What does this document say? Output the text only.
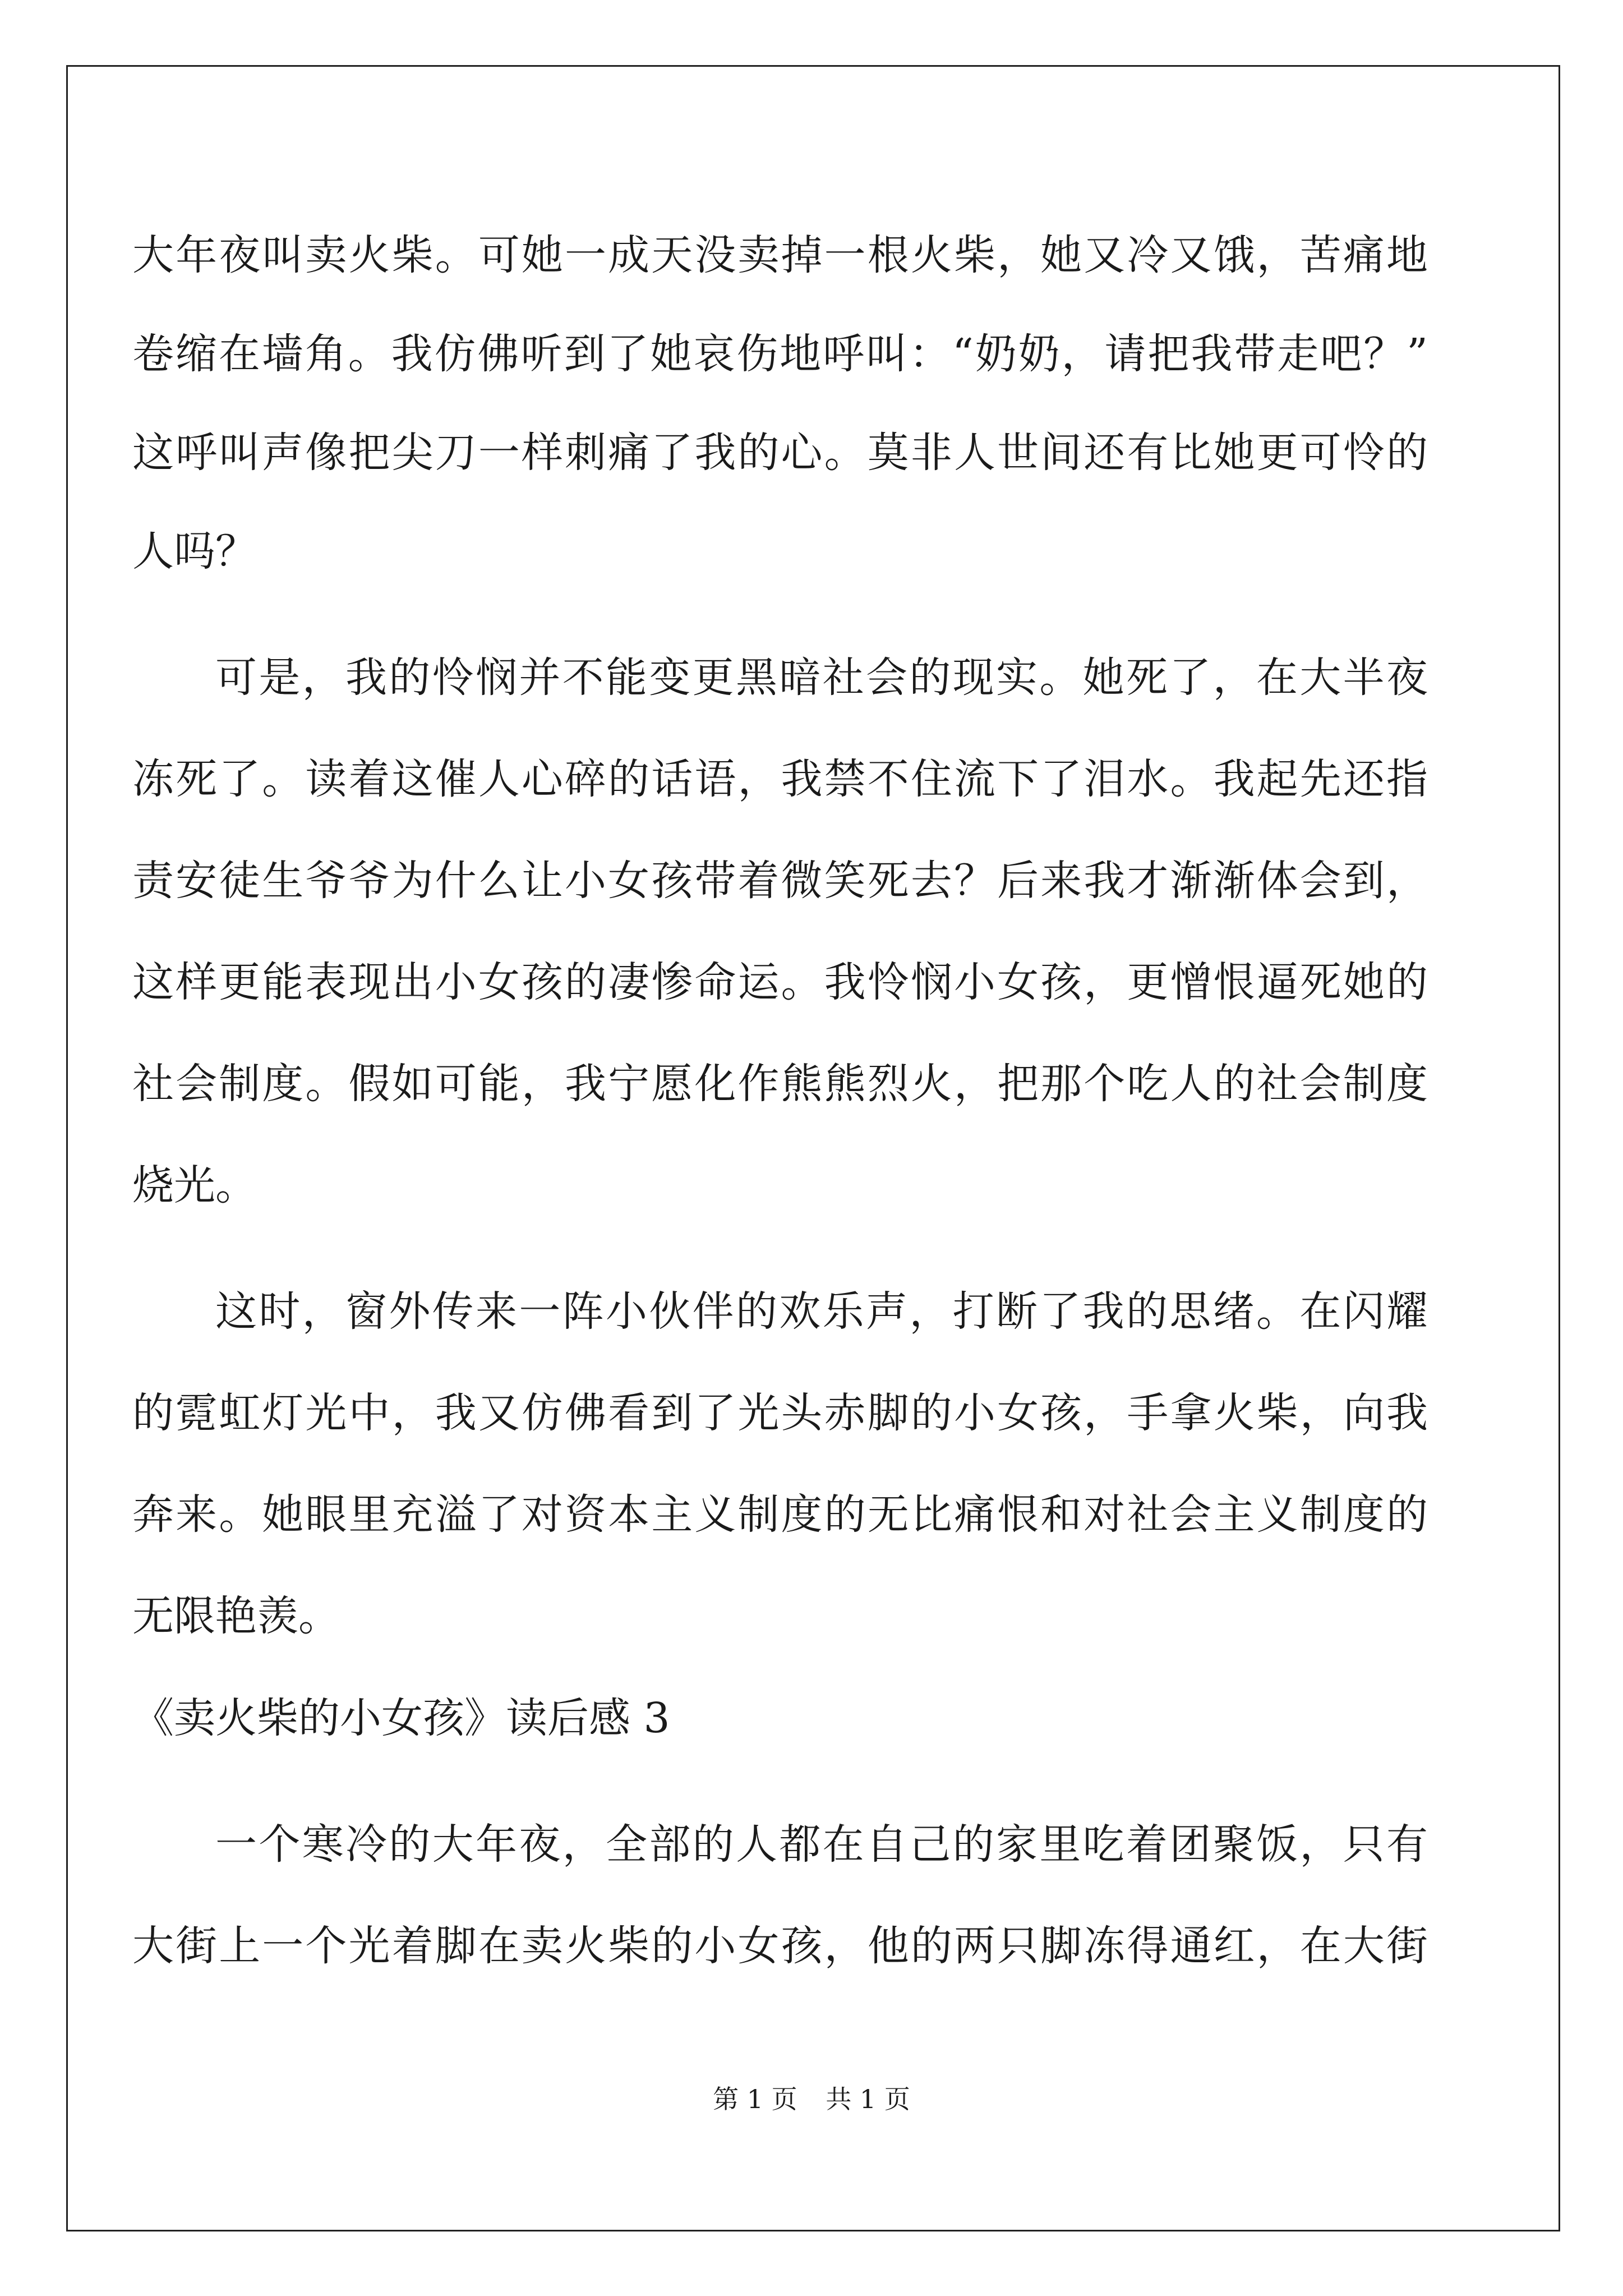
大年夜叫卖火柴。可她一成天没卖掉一根火柴，她又冷又饿，苦痛地
卷缩在墙角。我仿佛听到了她哀伤地呼叫：“奶奶，请把我带走吧？”
这呼叫声像把尖刀一样刺痛了我的心。莫非人世间还有比她更可怜的
人吗？
可是，我的怜悯并不能变更黑暗社会的现实。她死了，在大半夜
冻死了。读着这催人心碎的话语，我禁不住流下了泪水。我起先还指
责安徒生爷爷为什么让小女孩带着微笑死去？后来我才渐渐体会到，
这样更能表现出小女孩的凄惨命运。我怜悯小女孩，更憎恨逼死她的
社会制度。假如可能，我宁愿化作熊熊烈火，把那个吃人的社会制度
烧光。
这时，窗外传来一阵小伙伴的欢乐声，打断了我的思绪。在闪耀
的霓虹灯光中，我又仿佛看到了光头赤脚的小女孩，手拿火柴，向我
奔来。她眼里充溢了对资本主义制度的无比痛恨和对社会主义制度的
无限艳羡。
《卖火柴的小女孩》读后感 3
一个寒冷的大年夜，全部的人都在自己的家里吃着团聚饭，只有
大街上一个光着脚在卖火柴的小女孩，他的两只脚冻得通红，在大街
第 1 页 共 1 页
